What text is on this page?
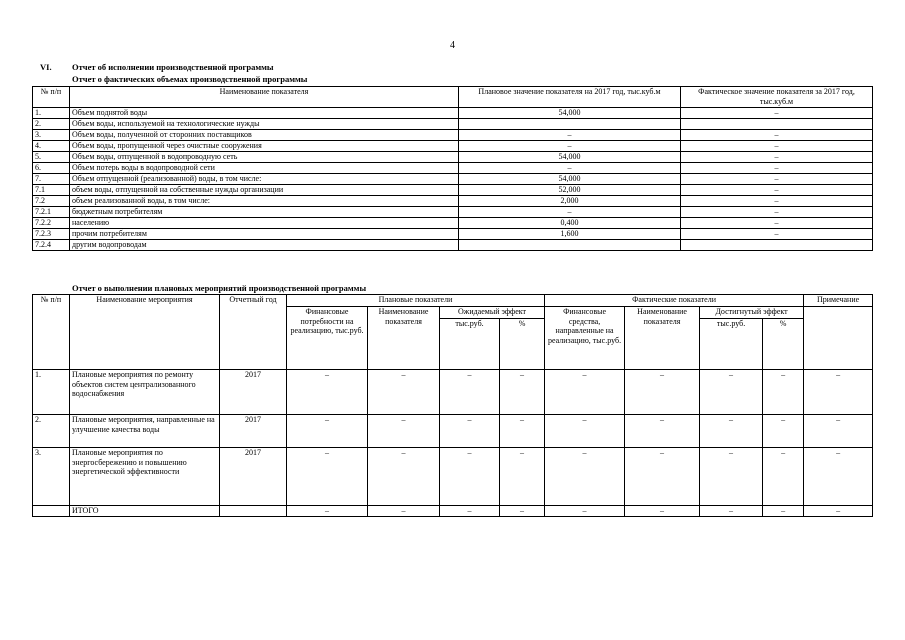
4
VI. Отчет об исполнении производственной программы
Отчет о фактических объемах производственной программы
№ п/п	Наименование показателя	Плановое значение показателя на 2017 год, тыс.куб.м	Фактическое значение показателя за 2017 год, тыс.куб.м
1.	Объем поднятой воды	54,000	–
2.	Объем воды, используемой на технологические нужды		
3.	Объем воды, полученной от сторонних поставщиков	–	–
4.	Объем воды, пропущенной через очистные сооружения	–	–
5.	Объем воды, отпущенной в водопроводную сеть	54,000	–
6.	Объем потерь воды в водопроводной сети	–	–
7.	Объем отпущенной (реализованной) воды, в том числе:	54,000	–
7.1	объем воды, отпущенной на собственные нужды организации	52,000	–
7.2	объем реализованной воды, в том числе:	2,000	–
7.2.1	бюджетным потребителям	–	–
7.2.2	населению	0,400	–
7.2.3	прочим потребителям	1,600	–
7.2.4	другим водопроводам		
Отчет о выполнении плановых мероприятий производственной программы
№ п/п	Наименование мероприятия	Отчетный год	Плановые показатели				Фактические показатели				Примечание
			Финансовые потребности на реализацию, тыс.руб.	Наименование показателя	Ожидаемый эффект		Финансовые средства, направленные на реализацию, тыс.руб.	Наименование показателя	Достигнутый эффект		
					тыс.руб.	%			тыс.руб.	%	
1.	Плановые мероприятия по ремонту объектов систем централизованного водоснабжения	2017	–	–	–	–	–	–	–	–	–
2.	Плановые мероприятия, направленные на улучшение качества воды	2017	–	–	–	–	–	–	–	–	–
3.	Плановые мероприятия по энергосбережению и повышению энергетической эффективности	2017	–	–	–	–	–	–	–	–	–
	ИТОГО		–	–	–	–	–	–	–	–	–
